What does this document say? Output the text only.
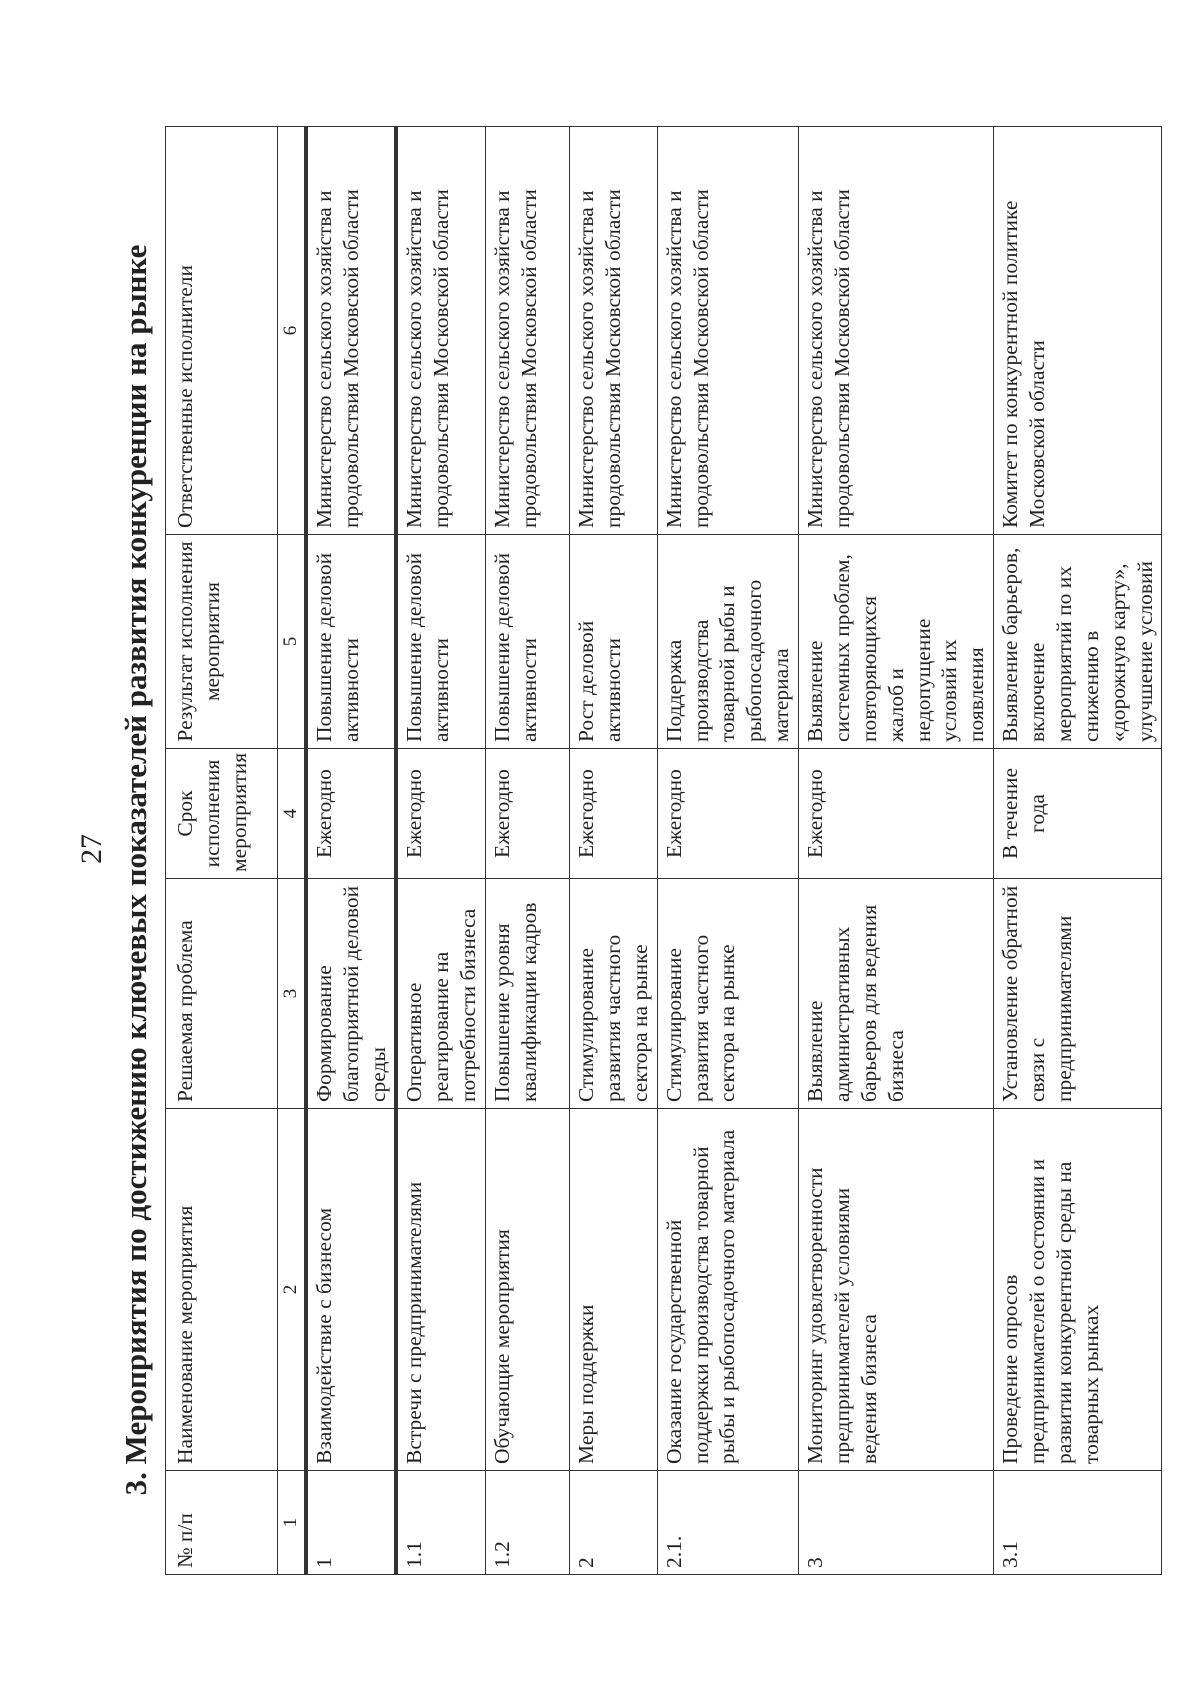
27 3. Мероприятия по достижению ключевых показателей развития конкуренции на рынке
№ п/п	Наименование мероприятия	Решаемая проблема	Срок исполнения мероприятия	Результат исполнения мероприятия	Ответственные исполнители
1	2	3	4	5	6
1	Взаимодействие с бизнесом	Формирование благоприятной деловой среды	Ежегодно	Повышение деловой активности	Министерство сельского хозяйства и продовольствия Московской области
1.1	Встречи с предпринимателями	Оперативное реагирование на потребности бизнеса	Ежегодно	Повышение деловой активности	Министерство сельского хозяйства и продовольствия Московской области
1.2	Обучающие мероприятия	Повышение уровня квалификации кадров	Ежегодно	Повышение деловой активности	Министерство сельского хозяйства и продовольствия Московской области
2	Меры поддержки	Стимулирование развития частного сектора на рынке	Ежегодно	Рост деловой активности	Министерство сельского хозяйства и продовольствия Московской области
2.1.	Оказание государственной поддержки производства товарной рыбы и рыбопосадочного материала	Стимулирование развития частного сектора на рынке	Ежегодно	Поддержка производства товарной рыбы и рыбопосадочного материала	Министерство сельского хозяйства и продовольствия Московской области
3	Мониторинг удовлетворенности предпринимателей условиями ведения бизнеса	Выявление административных барьеров для ведения бизнеса	Ежегодно	Выявление системных проблем, повторяющихся жалоб и недопущение условий их появления	Министерство сельского хозяйства и продовольствия Московской области
3.1	Проведение опросов предпринимателей о состоянии и развитии конкурентной среды на товарных рынках	Установление обратной связи с предпринимателями	В течение года	Выявление барьеров, включение мероприятий по их снижению в «дорожную карту», улучшение условий	Комитет по конкурентной политике Московской области
